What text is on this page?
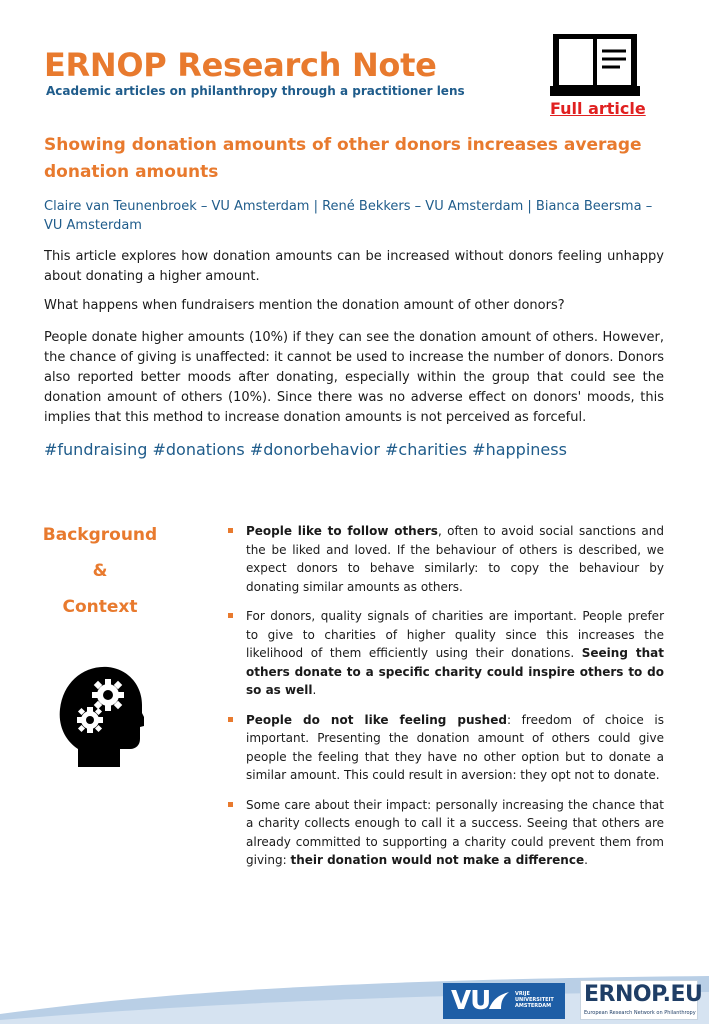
ERNOP Research Note
Academic articles on philanthropy through a practitioner lens
Full article
Showing donation amounts of other donors increases average donation amounts
Claire van Teunenbroek – VU Amsterdam | René Bekkers – VU Amsterdam | Bianca Beersma – VU Amsterdam

This article explores how donation amounts can be increased without donors feeling unhappy about donating a higher amount.

What happens when fundraisers mention the donation amount of other donors?

People donate higher amounts (10%) if they can see the donation amount of others. However, the chance of giving is unaffected: it cannot be used to increase the number of donors. Donors also reported better moods after donating, especially within the group that could see the donation amount of others (10%). Since there was no adverse effect on donors' moods, this implies that this method to increase donation amounts is not perceived as forceful.

#fundraising #donations #donorbehavior #charities #happiness
Background
&
Context
People like to follow others, often to avoid social sanctions and the be liked and loved. If the behaviour of others is described, we expect donors to behave similarly: to copy the behaviour by donating similar amounts as others.
For donors, quality signals of charities are important. People prefer to give to charities of higher quality since this increases the likelihood of them efficiently using their donations. Seeing that others donate to a specific charity could inspire others to do so as well.
People do not like feeling pushed: freedom of choice is important. Presenting the donation amount of others could give people the feeling that they have no other option but to donate a similar amount. This could result in aversion: they opt not to donate.
Some care about their impact: personally increasing the chance that a charity collects enough to call it a success. Seeing that others are already committed to supporting a charity could prevent them from giving: their donation would not make a difference.
VU	VRIJE
UNIVERSITEIT
AMSTERDAM ERNOP.EU
European Research Network on Philanthropy
